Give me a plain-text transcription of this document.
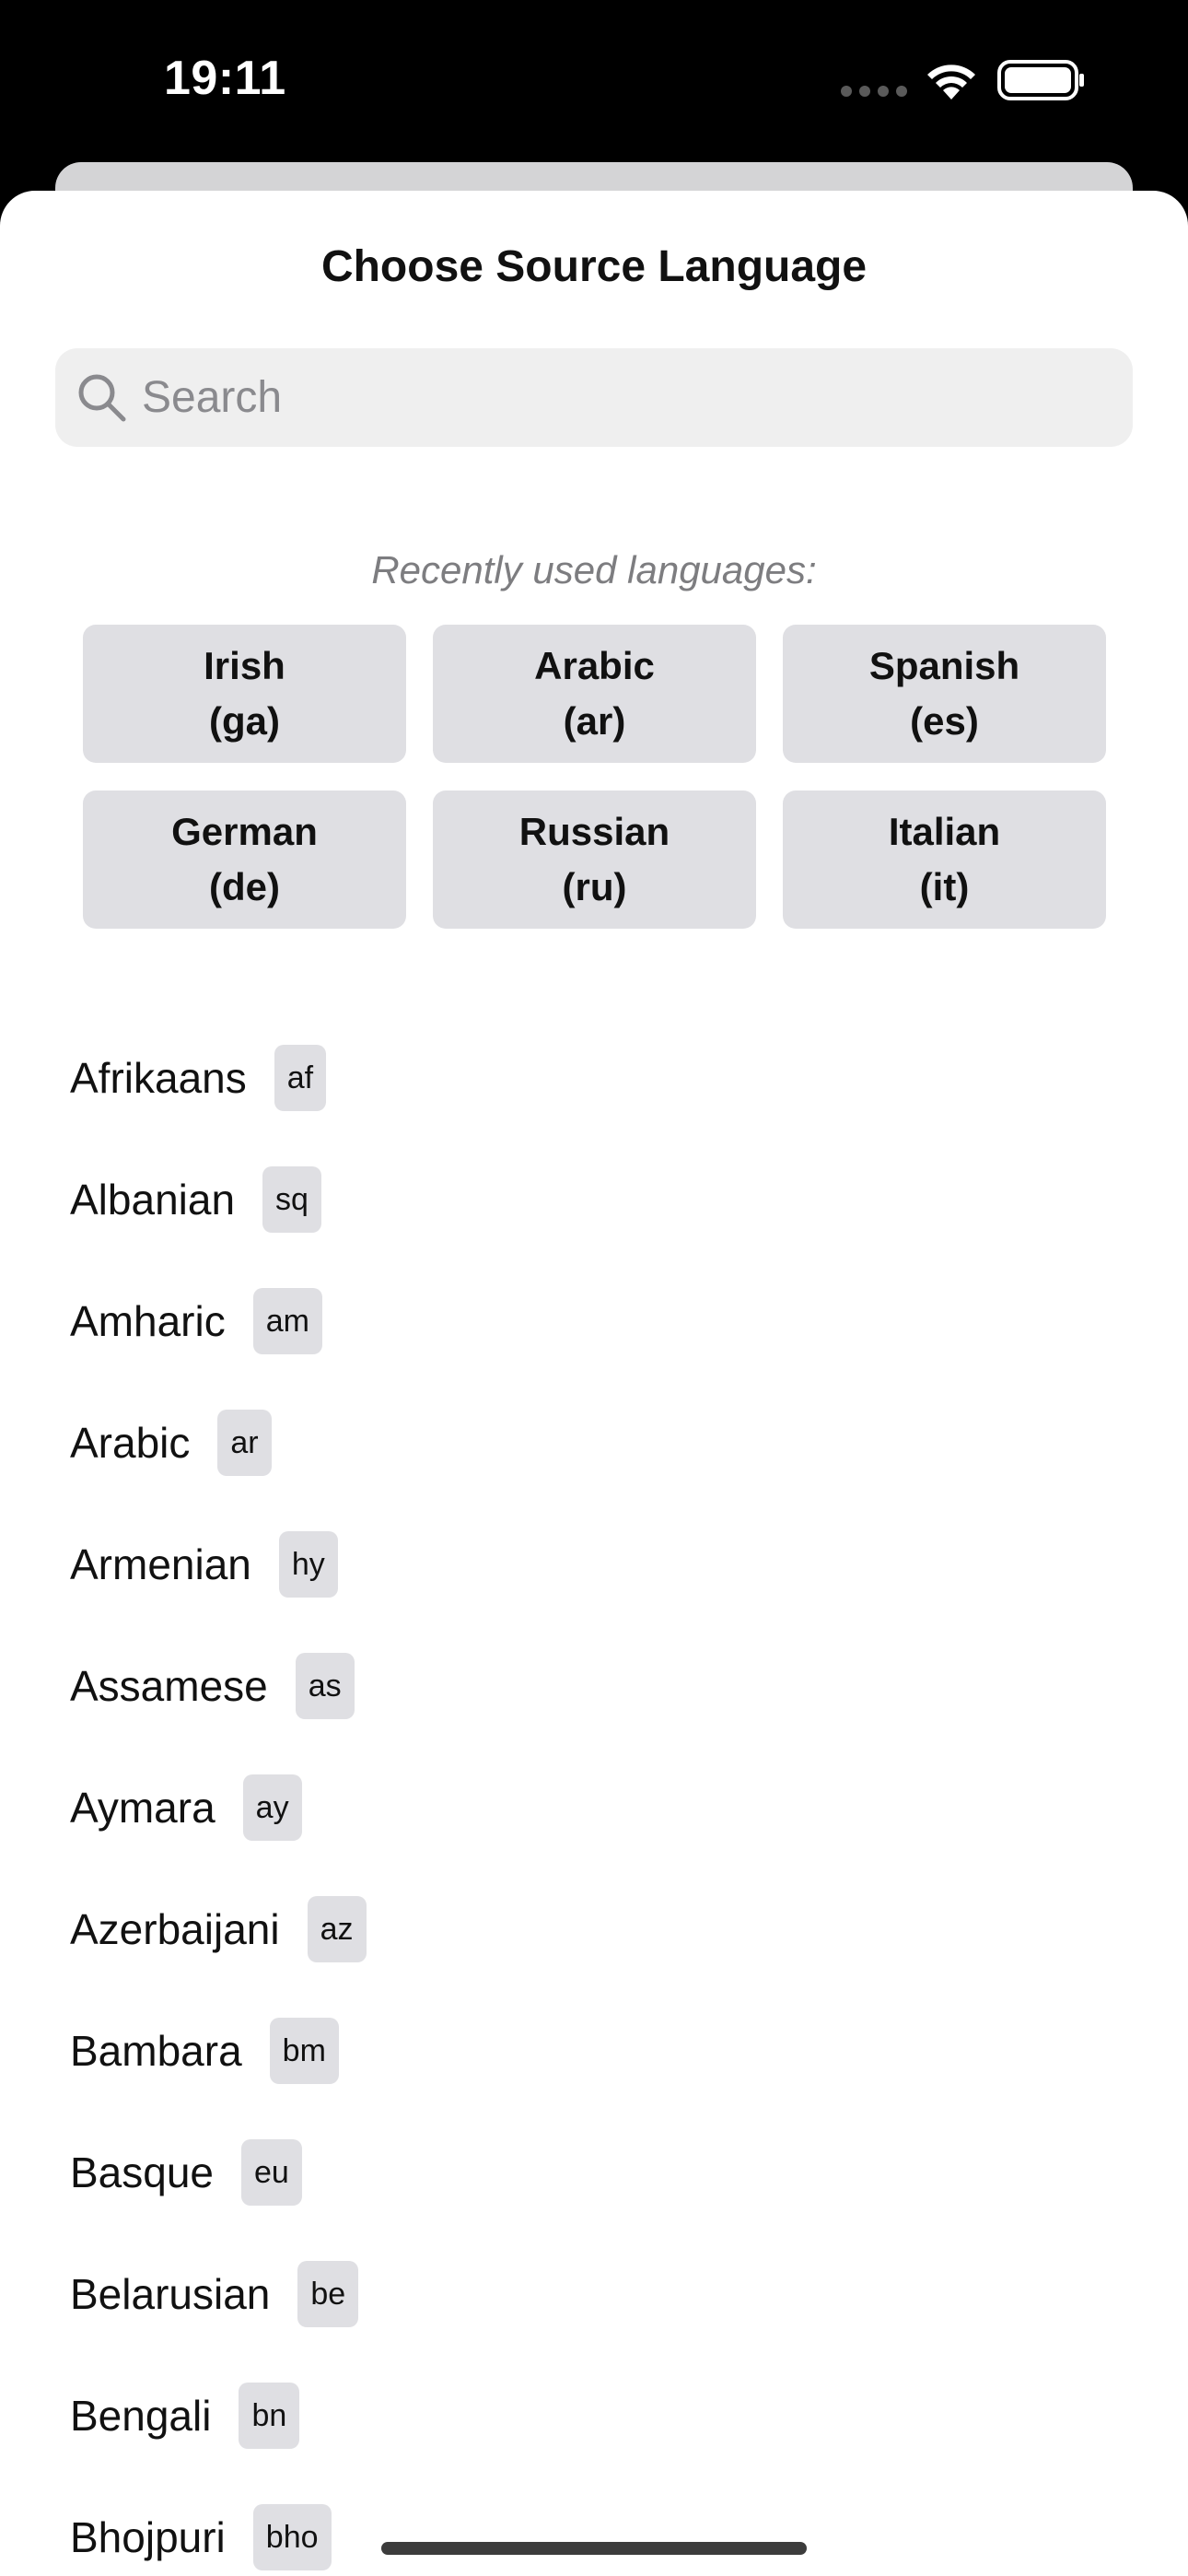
19:11
Choose Source Language
Search
Recently used languages:
Irish
(ga)
Arabic
(ar)
Spanish
(es)
German
(de)
Russian
(ru)
Italian
(it)
Afrikaans	af
Albanian	sq
Amharic	am
Arabic	ar
Armenian	hy
Assamese	as
Aymara	ay
Azerbaijani	az
Bambara	bm
Basque	eu
Belarusian	be
Bengali	bn
Bhojpuri	bho
